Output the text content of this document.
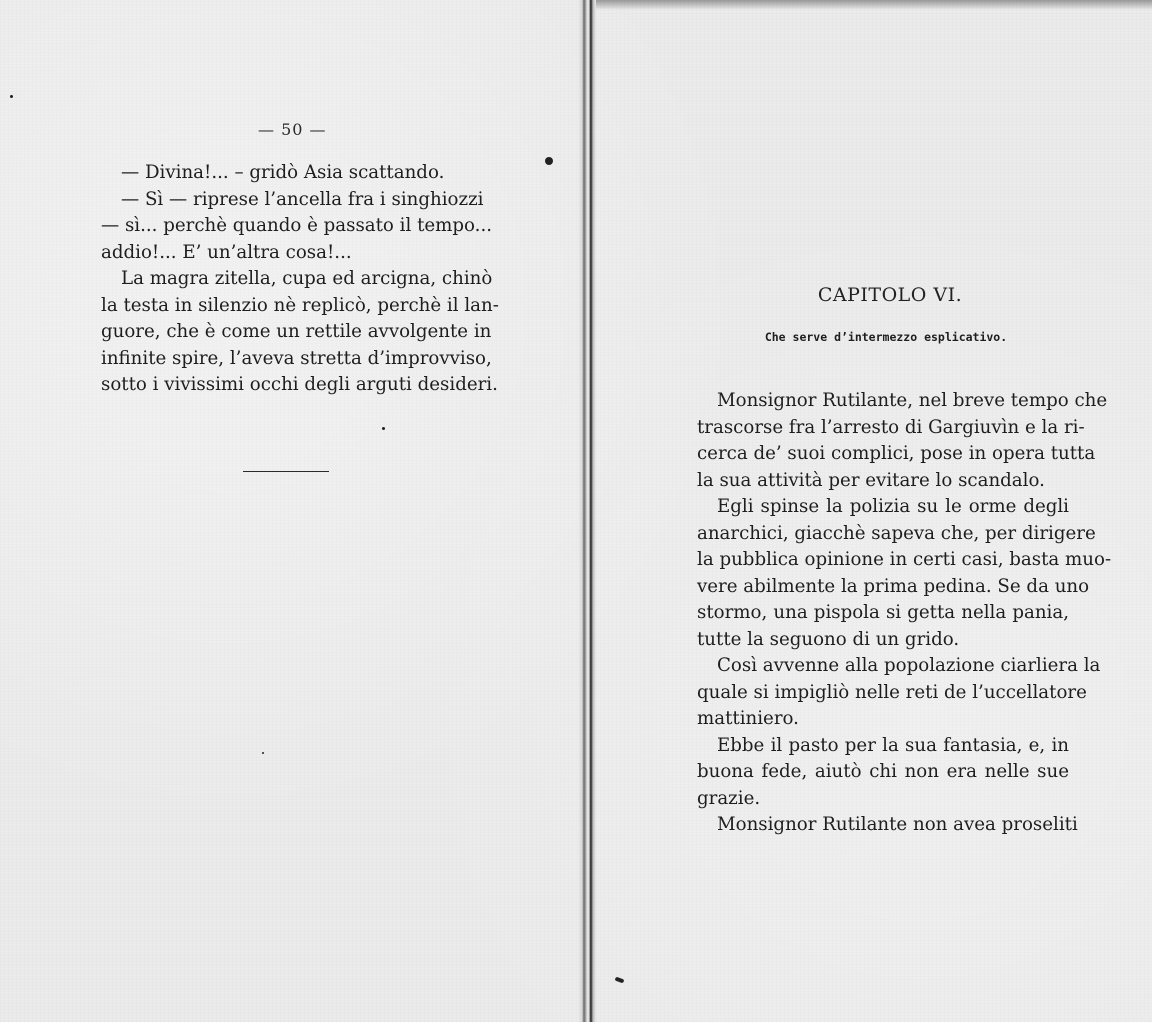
— 50 —
— Divina!... – gridò Asia scattando.
— Sì — riprese l’ancella fra i singhiozzi
— sì... perchè quando è passato il tempo...
addio!... E’ un’altra cosa!...
La magra zitella, cupa ed arcigna, chinò
la testa in silenzio nè replicò, perchè il lan-
guore, che è come un rettile avvolgente in
infinite spire, l’aveva stretta d’improvviso,
sotto i vivissimi occhi degli arguti desideri.
CAPITOLO VI.
Che serve d’intermezzo esplicativo.
Monsignor Rutilante, nel breve tempo che
trascorse fra l’arresto di Gargiuvìn e la ri-
cerca de’ suoi complici, pose in opera tutta
la sua attività per evitare lo scandalo.
Egli spinse la polizia su le orme degli
anarchici, giacchè sapeva che, per dirigere
la pubblica opinione in certi casi, basta muo-
vere abilmente la prima pedina. Se da uno
stormo, una pispola si getta nella pania,
tutte la seguono di un grido.
Così avvenne alla popolazione ciarliera la
quale si impigliò nelle reti de l’uccellatore
mattiniero.
Ebbe il pasto per la sua fantasia, e, in
buona fede, aiutò chi non era nelle sue
grazie.
Monsignor Rutilante non avea proseliti
